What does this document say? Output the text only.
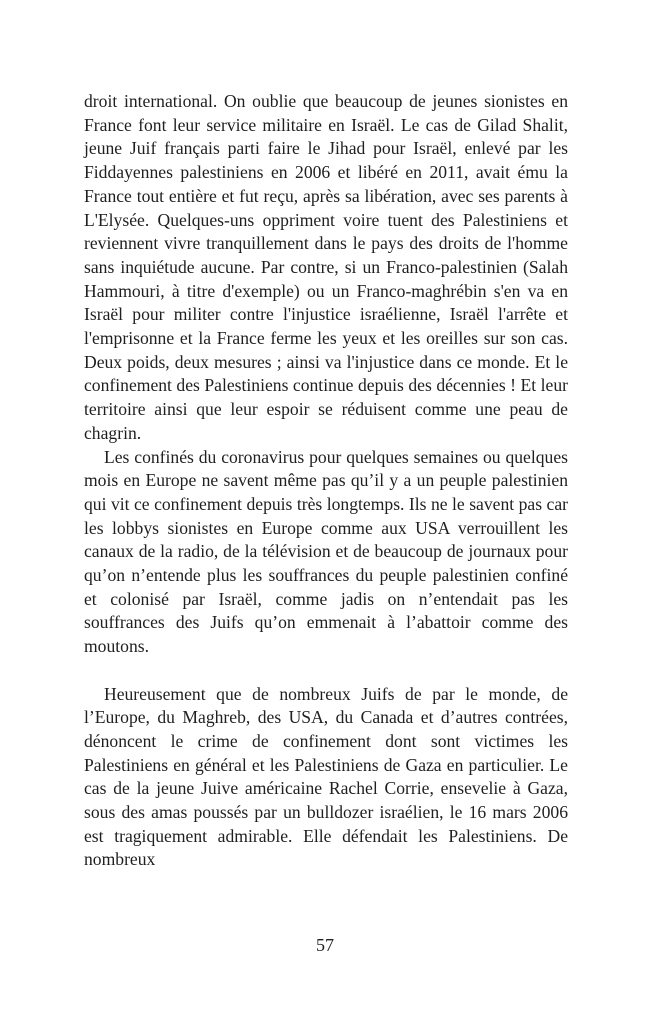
droit international. On oublie que beaucoup de jeunes sionistes en France font leur service militaire en Israël. Le cas de Gilad Shalit, jeune Juif français parti faire le Jihad pour Israël, enlevé par les Fiddayennes palestiniens en 2006 et libéré en 2011, avait ému la France tout entière et fut reçu, après sa libération, avec ses parents à L'Elysée. Quelques-uns oppriment voire tuent des Palestiniens et reviennent vivre tranquillement dans le pays des droits de l'homme sans inquiétude aucune. Par contre, si un Franco-palestinien (Salah Hammouri, à titre d'exemple) ou un Franco-maghrébin s'en va en Israël pour militer contre l'injustice israélienne, Israël l'arrête et l'emprisonne et la France ferme les yeux et les oreilles sur son cas. Deux poids, deux mesures ; ainsi va l'injustice dans ce monde. Et le confinement des Palestiniens continue depuis des décennies ! Et leur territoire ainsi que leur espoir se réduisent comme une peau de chagrin.

Les confinés du coronavirus pour quelques semaines ou quelques mois en Europe ne savent même pas qu’il y a un peuple palestinien qui vit ce confinement depuis très longtemps. Ils ne le savent pas car les lobbys sionistes en Europe comme aux USA verrouillent les canaux de la radio, de la télévision et de beaucoup de journaux pour qu’on n’entende plus les souffrances du peuple palestinien confiné et colonisé par Israël, comme jadis on n’entendait pas les souffrances des Juifs qu’on emmenait à l’abattoir comme des moutons.

Heureusement que de nombreux Juifs de par le monde, de l’Europe, du Maghreb, des USA, du Canada et d’autres contrées, dénoncent le crime de confinement dont sont victimes les Palestiniens en général et les Palestiniens de Gaza en particulier. Le cas de la jeune Juive américaine Rachel Corrie, ensevelie à Gaza, sous des amas poussés par un bulldozer israélien, le 16 mars 2006 est tragiquement admirable. Elle défendait les Palestiniens. De nombreux

57
